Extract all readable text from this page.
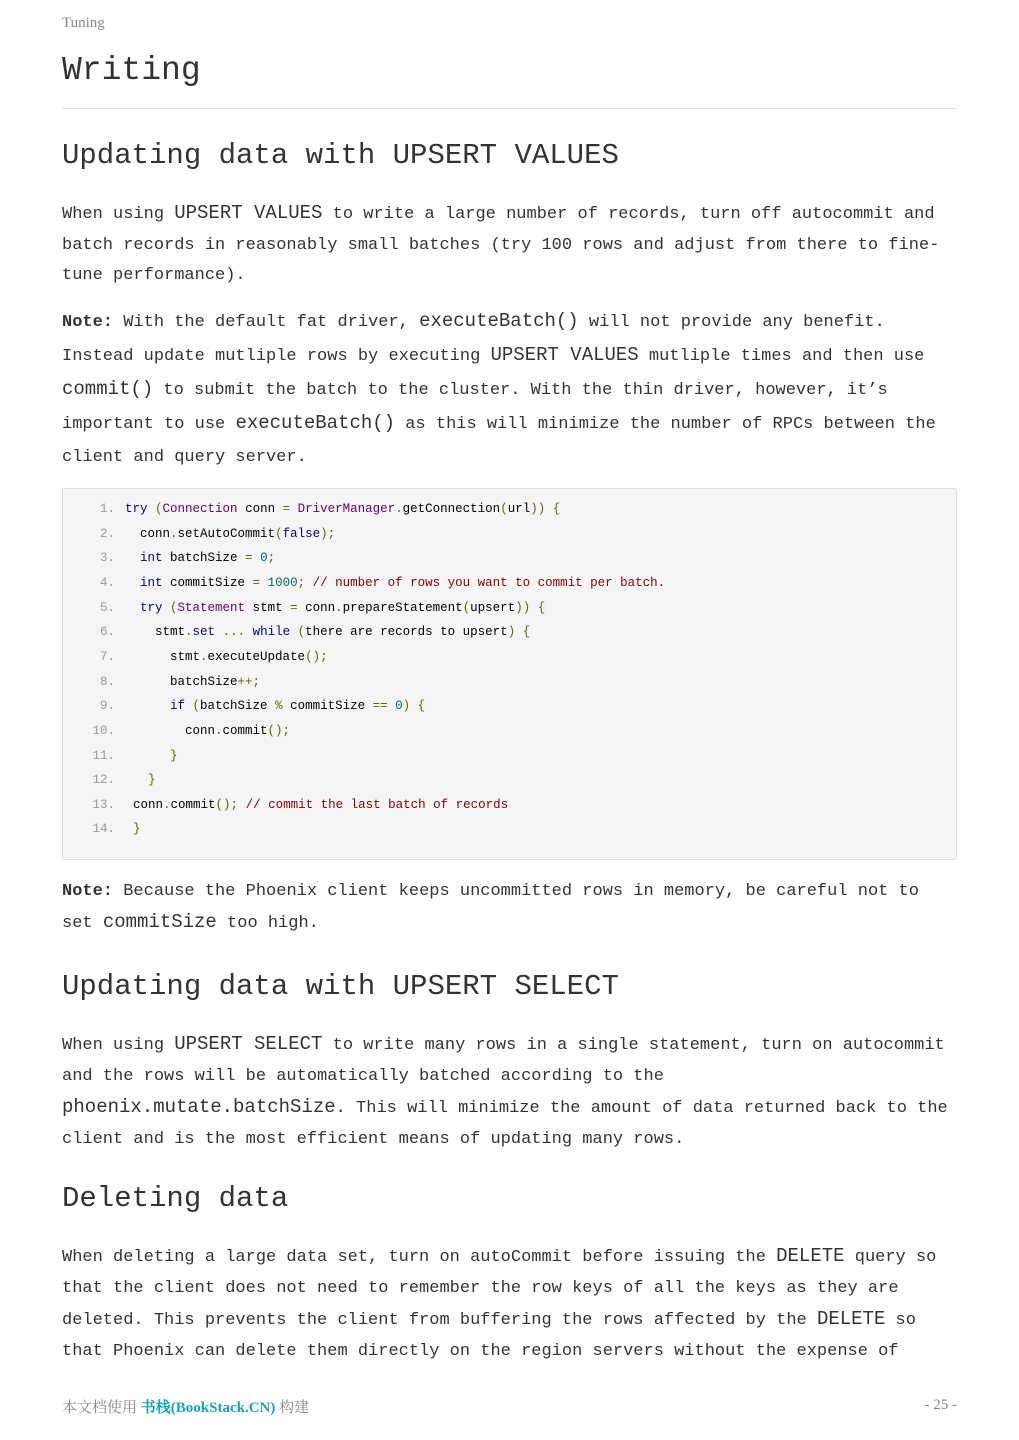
Tuning
Writing
Updating data with UPSERT VALUES

When using UPSERT VALUES to write a large number of records, turn off autocommit and batch records in reasonably small batches (try 100 rows and adjust from there to fine-tune performance).

Note: With the default fat driver, executeBatch() will not provide any benefit. Instead update mutliple rows by executing UPSERT VALUES mutliple times and then use commit() to submit the batch to the cluster. With the thin driver, however, it’s important to use executeBatch() as this will minimize the number of RPCs between the client and query server.

1. try (Connection conn = DriverManager.getConnection(url)) {
2. conn.setAutoCommit(false);
3. int batchSize = 0;
4. int commitSize = 1000; // number of rows you want to commit per batch.
5. try (Statement stmt = conn.prepareStatement(upsert)) {
6.	stmt.set ... while (there are records to upsert) {
7.	stmt.executeUpdate();
8.	batchSize++;
9.	if (batchSize % commitSize == 0) {
10.	conn.commit();
11.	}
12.	}
13. conn.commit(); // commit the last batch of records
14. }

Note: Because the Phoenix client keeps uncommitted rows in memory, be careful not to set commitSize too high.

Updating data with UPSERT SELECT

When using UPSERT SELECT to write many rows in a single statement, turn on autocommit and the rows will be automatically batched according to the phoenix.mutate.batchSize. This will minimize the amount of data returned back to the client and is the most efficient means of updating many rows.

Deleting data

When deleting a large data set, turn on autoCommit before issuing the DELETE query so that the client does not need to remember the row keys of all the keys as they are deleted. This prevents the client from buffering the rows affected by the DELETE so that Phoenix can delete them directly on the region servers without the expense of

本文档使用 书栈(BookStack.CN) 构建	- 25 -
